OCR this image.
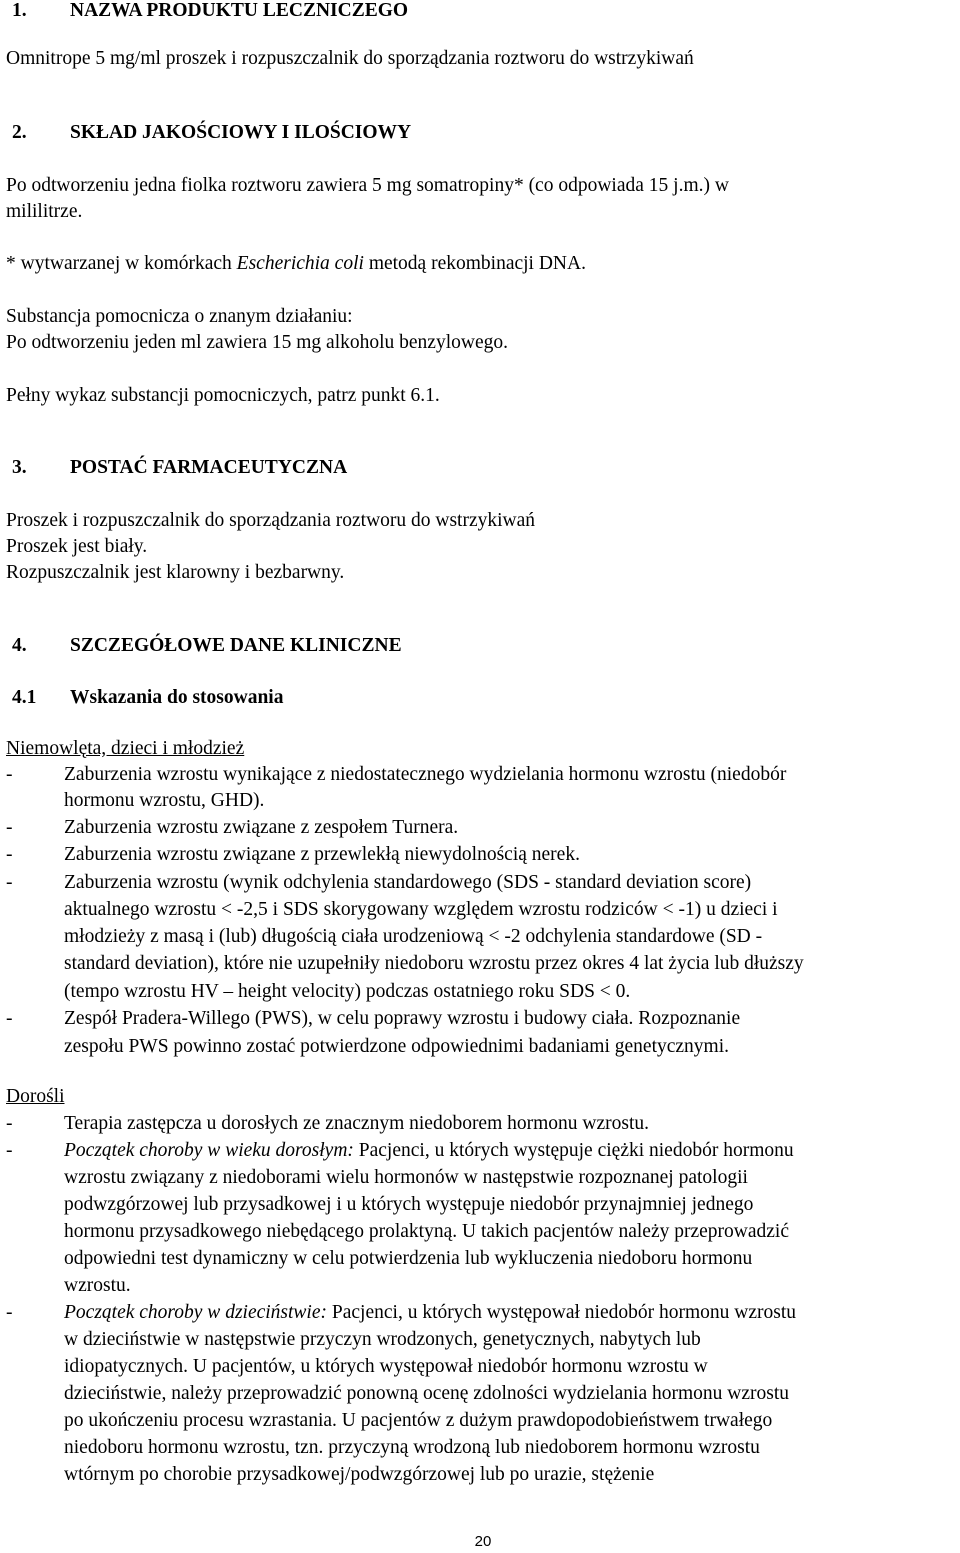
1. NAZWA PRODUKTU LECZNICZEGO
Omnitrope 5 mg/ml proszek i rozpuszczalnik do sporządzania roztworu do wstrzykiwań
2. SKŁAD JAKOŚCIOWY I ILOŚCIOWY
Po odtworzeniu jedna fiolka roztworu zawiera 5 mg somatropiny* (co odpowiada 15 j.m.) w
mililitrze.
* wytwarzanej w komórkach Escherichia coli metodą rekombinacji DNA.
Substancja pomocnicza o znanym działaniu:
Po odtworzeniu jeden ml zawiera 15 mg alkoholu benzylowego.
Pełny wykaz substancji pomocniczych, patrz punkt 6.1.
3. POSTAĆ FARMACEUTYCZNA
Proszek i rozpuszczalnik do sporządzania roztworu do wstrzykiwań
Proszek jest biały.
Rozpuszczalnik jest klarowny i bezbarwny.
4. SZCZEGÓŁOWE DANE KLINICZNE
4.1 Wskazania do stosowania
Niemowlęta, dzieci i młodzież
-	Zaburzenia wzrostu wynikające z niedostatecznego wydzielania hormonu wzrostu (niedobór
hormonu wzrostu, GHD).
-	Zaburzenia wzrostu związane z zespołem Turnera.
-	Zaburzenia wzrostu związane z przewlekłą niewydolnością nerek.
-	Zaburzenia wzrostu (wynik odchylenia standardowego (SDS - standard deviation score)
aktualnego wzrostu < -2,5 i SDS skorygowany względem wzrostu rodziców < -1) u dzieci i
młodzieży z masą i (lub) długością ciała urodzeniową < -2 odchylenia standardowe (SD -
standard deviation), które nie uzupełniły niedoboru wzrostu przez okres 4 lat życia lub dłuższy
(tempo wzrostu HV – height velocity) podczas ostatniego roku SDS < 0.
-	Zespół Pradera-Willego (PWS), w celu poprawy wzrostu i budowy ciała. Rozpoznanie
zespołu PWS powinno zostać potwierdzone odpowiednimi badaniami genetycznymi.
Dorośli
-	Terapia zastępcza u dorosłych ze znacznym niedoborem hormonu wzrostu.
-	Początek choroby w wieku dorosłym: Pacjenci, u których występuje ciężki niedobór hormonu
wzrostu związany z niedoborami wielu hormonów w następstwie rozpoznanej patologii
podwzgórzowej lub przysadkowej i u których występuje niedobór przynajmniej jednego
hormonu przysadkowego niebędącego prolaktyną. U takich pacjentów należy przeprowadzić
odpowiedni test dynamiczny w celu potwierdzenia lub wykluczenia niedoboru hormonu
wzrostu.
-	Początek choroby w dzieciństwie: Pacjenci, u których występował niedobór hormonu wzrostu
w dzieciństwie w następstwie przyczyn wrodzonych, genetycznych, nabytych lub
idiopatycznych. U pacjentów, u których występował niedobór hormonu wzrostu w
dzieciństwie, należy przeprowadzić ponowną ocenę zdolności wydzielania hormonu wzrostu
po ukończeniu procesu wzrastania. U pacjentów z dużym prawdopodobieństwem trwałego
niedoboru hormonu wzrostu, tzn. przyczyną wrodzoną lub niedoborem hormonu wzrostu
wtórnym po chorobie przysadkowej/podwzgórzowej lub po urazie, stężenie
20
